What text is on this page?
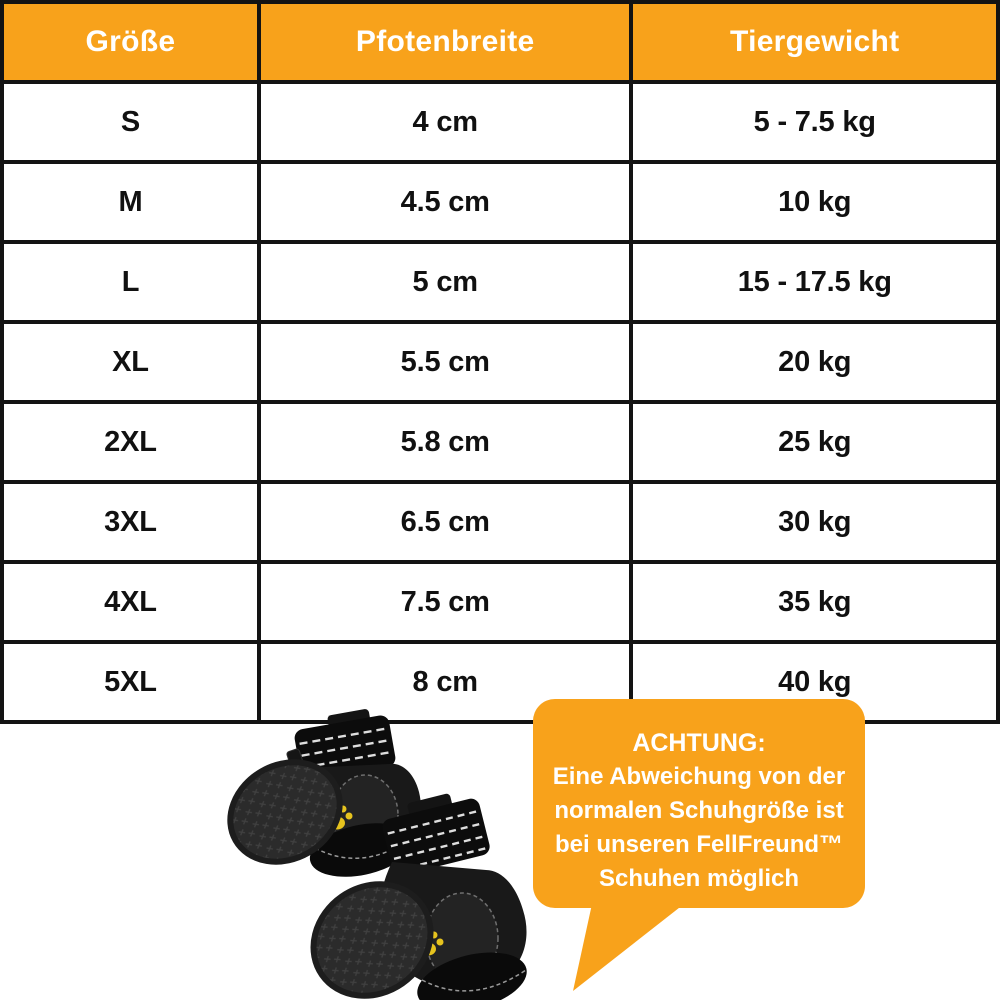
Größe	Pfotenbreite	Tiergewicht
S	4 cm	5 - 7.5 kg
M	4.5 cm	10 kg
L	5 cm	15 - 17.5 kg
XL	5.5 cm	20 kg
2XL	5.8 cm	25 kg
3XL	6.5 cm	30 kg
4XL	7.5 cm	35 kg
5XL	8 cm	40 kg
ACHTUNG:
Eine Abweichung von der
normalen Schuhgröße ist
bei unseren FellFreund™
Schuhen möglich
